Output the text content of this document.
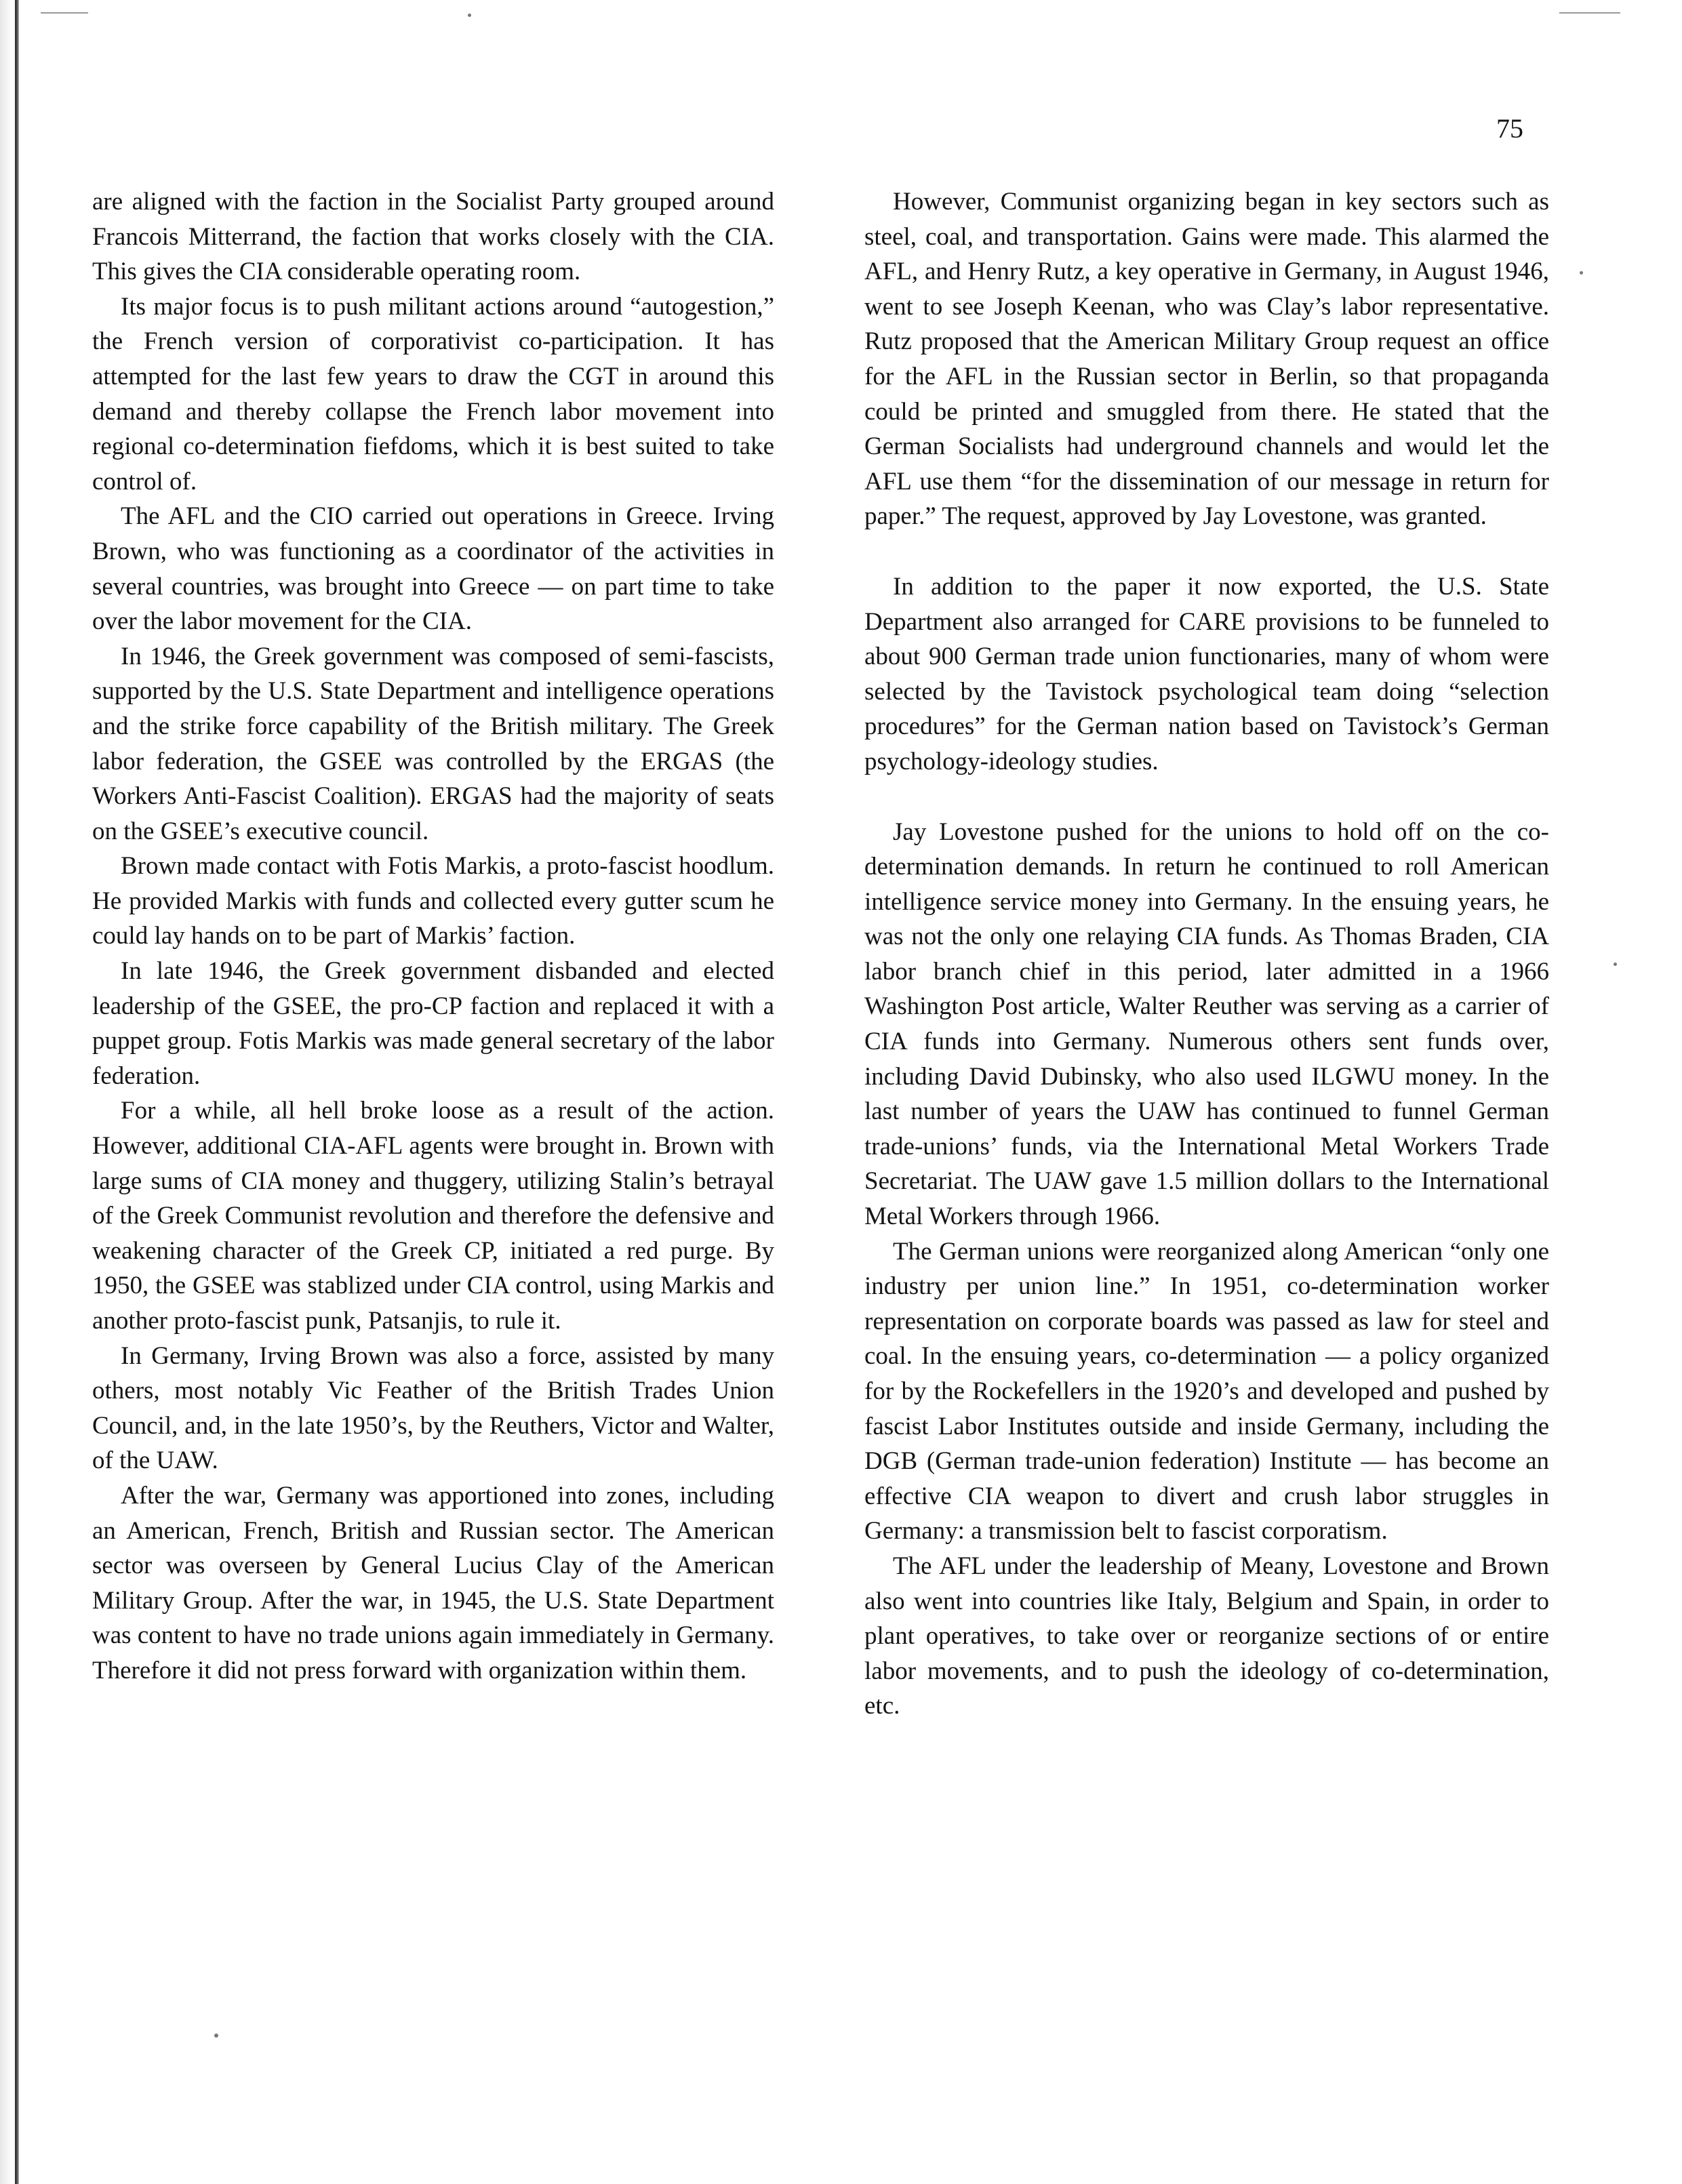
75

are aligned with the faction in the Socialist Party grouped around Francois Mitterrand, the faction that works closely with the CIA. This gives the CIA considerable operating room.

Its major focus is to push militant actions around “autogestion,” the French version of corporativist co-participation. It has attempted for the last few years to draw the CGT in around this demand and thereby collapse the French labor movement into regional co-determination fiefdoms, which it is best suited to take control of.

The AFL and the CIO carried out operations in Greece. Irving Brown, who was functioning as a coordinator of the activities in several countries, was brought into Greece — on part time to take over the labor movement for the CIA.

In 1946, the Greek government was composed of semi-fascists, supported by the U.S. State Department and intelligence operations and the strike force capability of the British military. The Greek labor federation, the GSEE was controlled by the ERGAS (the Workers Anti-Fascist Coalition). ERGAS had the majority of seats on the GSEE’s executive council.

Brown made contact with Fotis Markis, a proto-fascist hoodlum. He provided Markis with funds and collected every gutter scum he could lay hands on to be part of Markis’ faction.

In late 1946, the Greek government disbanded and elected leadership of the GSEE, the pro-CP faction and replaced it with a puppet group. Fotis Markis was made general secretary of the labor federation.

For a while, all hell broke loose as a result of the action. However, additional CIA-AFL agents were brought in. Brown with large sums of CIA money and thuggery, utilizing Stalin’s betrayal of the Greek Communist revolution and therefore the defensive and weakening character of the Greek CP, initiated a red purge. By 1950, the GSEE was stablized under CIA control, using Markis and another proto-fascist punk, Patsanjis, to rule it.

In Germany, Irving Brown was also a force, assisted by many others, most notably Vic Feather of the British Trades Union Council, and, in the late 1950’s, by the Reuthers, Victor and Walter, of the UAW.

After the war, Germany was apportioned into zones, including an American, French, British and Russian sector. The American sector was overseen by General Lucius Clay of the American Military Group. After the war, in 1945, the U.S. State Department was content to have no trade unions again immediately in Germany. Therefore it did not press forward with organization within them.

However, Communist organizing began in key sectors such as steel, coal, and transportation. Gains were made. This alarmed the AFL, and Henry Rutz, a key operative in Germany, in August 1946, went to see Joseph Keenan, who was Clay’s labor representative. Rutz proposed that the American Military Group request an office for the AFL in the Russian sector in Berlin, so that propaganda could be printed and smuggled from there. He stated that the German Socialists had underground channels and would let the AFL use them “for the dissemination of our message in return for paper.” The request, approved by Jay Lovestone, was granted.

In addition to the paper it now exported, the U.S. State Department also arranged for CARE provisions to be funneled to about 900 German trade union functionaries, many of whom were selected by the Tavistock psychological team doing “selection procedures” for the German nation based on Tavistock’s German psychology-ideology studies.

Jay Lovestone pushed for the unions to hold off on the co-determination demands. In return he continued to roll American intelligence service money into Germany. In the ensuing years, he was not the only one relaying CIA funds. As Thomas Braden, CIA labor branch chief in this period, later admitted in a 1966 Washington Post article, Walter Reuther was serving as a carrier of CIA funds into Germany. Numerous others sent funds over, including David Dubinsky, who also used ILGWU money. In the last number of years the UAW has continued to funnel German trade-unions’ funds, via the International Metal Workers Trade Secretariat. The UAW gave 1.5 million dollars to the International Metal Workers through 1966.

The German unions were reorganized along American “only one industry per union line.” In 1951, co-determination worker representation on corporate boards was passed as law for steel and coal. In the ensuing years, co-determination — a policy organized for by the Rockefellers in the 1920’s and developed and pushed by fascist Labor Institutes outside and inside Germany, including the DGB (German trade-union federation) Institute — has become an effective CIA weapon to divert and crush labor struggles in Germany: a transmission belt to fascist corporatism.

The AFL under the leadership of Meany, Lovestone and Brown also went into countries like Italy, Belgium and Spain, in order to plant operatives, to take over or reorganize sections of or entire labor movements, and to push the ideology of co-determination, etc.
